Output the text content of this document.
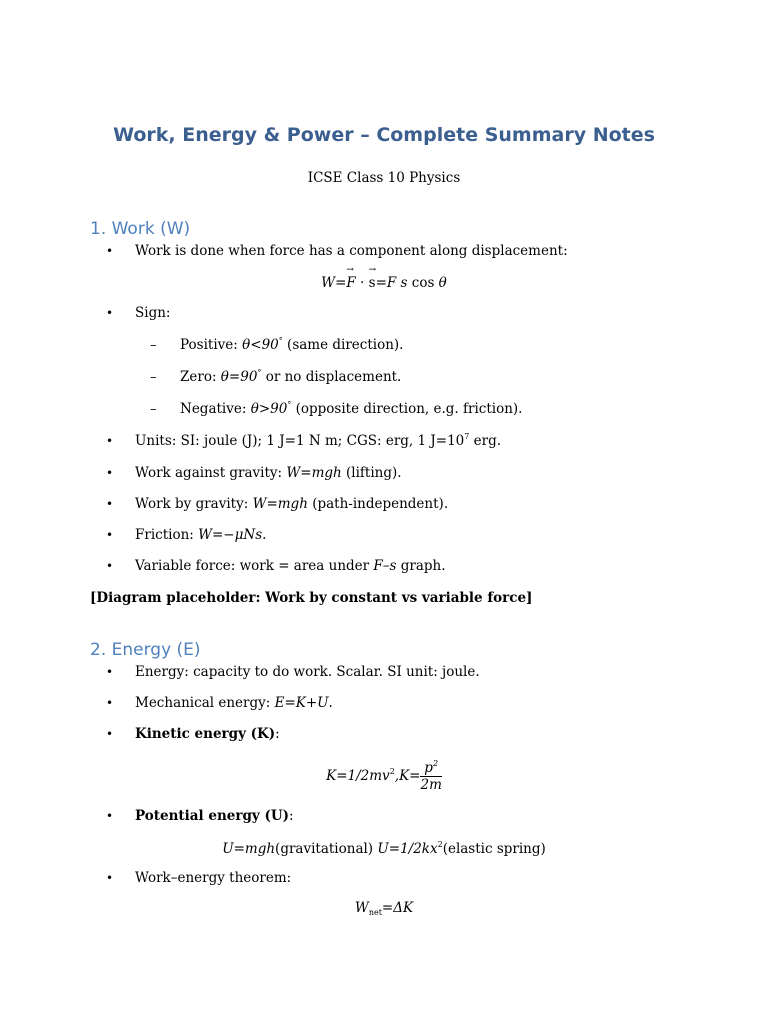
Work, Energy & Power – Complete Summary Notes
ICSE Class 10 Physics
1. Work (W)
• Work is done when force has a component along displacement:
W=→ F · → s=F s cos θ
• Sign:
– Positive: θ<90° (same direction).
– Zero: θ=90° or no displacement.
– Negative: θ>90° (opposite direction, e.g. friction).
• Units: SI: joule (J); 1 J=1 N m; CGS: erg, 1 $J=10^7$ erg.
• Work against gravity: W=mgh (lifting).
• Work by gravity: W=mgh (path-independent).
• Friction: W=−μNs.
• Variable force: work = area under F–s graph.
[Diagram placeholder: Work by constant vs variable force]
2. Energy (E)
• Energy: capacity to do work. Scalar. SI unit: joule.
• Mechanical energy: E=K+U.
• Kinetic energy (K):
$K=1/2mv^2,K= \frac{p^2}{2m}$
• Potential energy (U):
U=mgh(gravitational) $U=1/2kx^2(elastic$ spring)
• Work–energy theorem:
$W_{net}=\Delta K$
